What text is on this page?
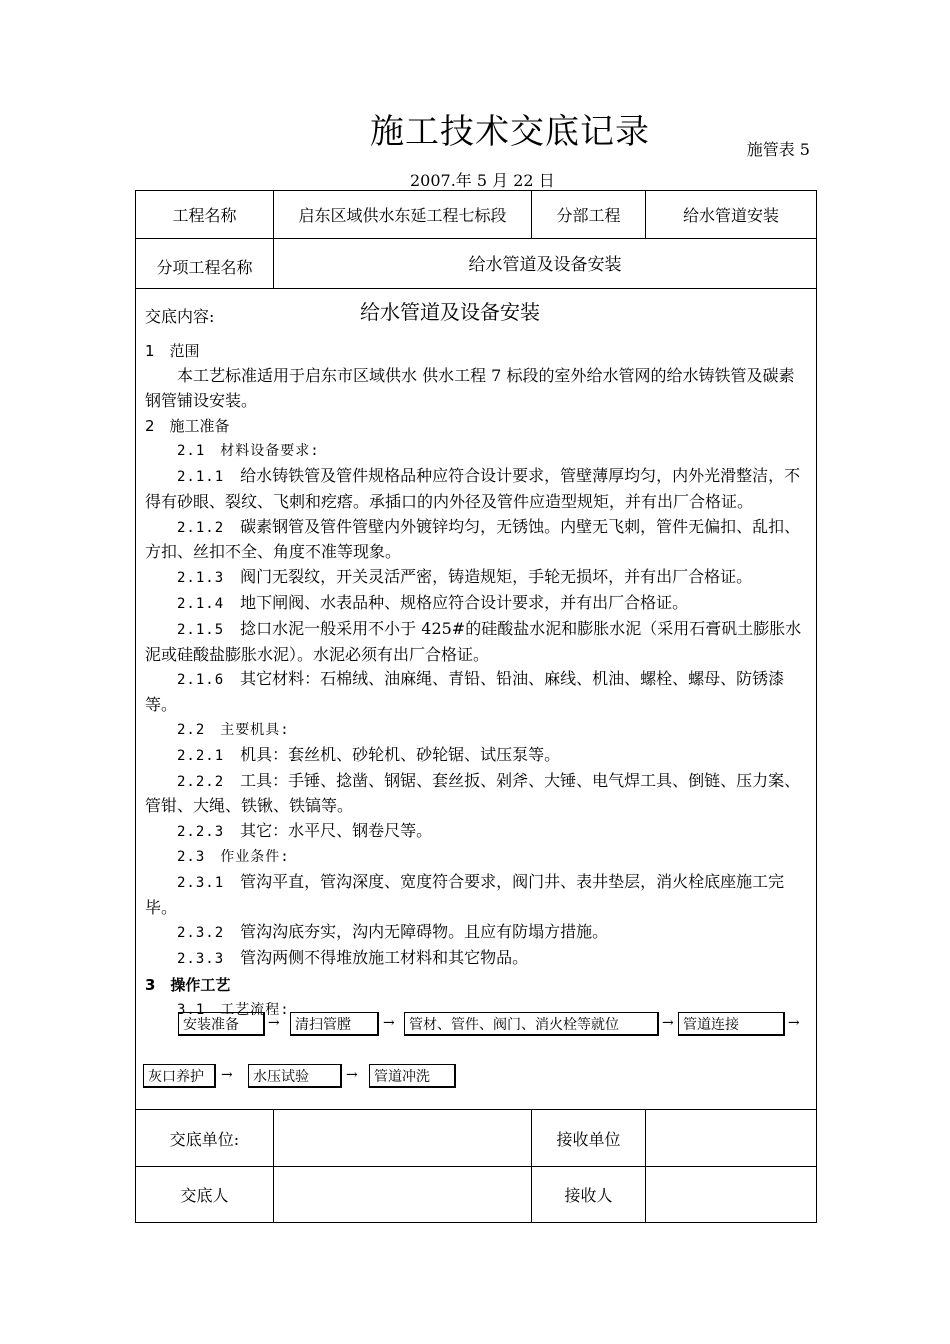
施工技术交底记录	施管表 5
2007.年 5 月 22 日
工程名称	启东区域供水东延工程七标段	分部工程	给水管道安装
分项工程名称	给水管道及设备安装
交底内容:	给水管道及设备安装
1　范围
本工艺标准适用于启东市区域供水 供水工程 7 标段的室外给水管网的给水铸铁管及碳素钢管铺设安装。
2　施工准备
2.1　材料设备要求:
2.1.1　 给水铸铁管及管件规格品种应符合设计要求，管壁薄厚均匀，内外光滑整洁，不得有砂眼、裂纹、飞刺和疙瘩。承插口的内外径及管件应造型规矩，并有出厂合格证。
2.1.2　 碳素钢管及管件管壁内外镀锌均匀，无锈蚀。内壁无飞刺，管件无偏扣、乱扣、方扣、丝扣不全、角度不准等现象。
2.1.3　 阀门无裂纹，开关灵活严密，铸造规矩，手轮无损坏，并有出厂合格证。
2.1.4　 地下闸阀、水表品种、规格应符合设计要求，并有出厂合格证。
2.1.5　 捻口水泥一般采用不小于 425#的硅酸盐水泥和膨胀水泥（采用石膏矾土膨胀水泥或硅酸盐膨胀水泥）。水泥必须有出厂合格证。
2.1.6　 其它材料：石棉绒、油麻绳、青铅、铅油、麻线、机油、螺栓、螺母、防锈漆等。
2.2　主要机具:
2.2.1　 机具：套丝机、砂轮机、砂轮锯、试压泵等。
2.2.2　 工具：手锤、捻凿、钢锯、套丝扳、剁斧、大锤、电气焊工具、倒链、压力案、管钳、大绳、铁锹、铁镐等。
2.2.3　 其它：水平尺、钢卷尺等。
2.3　作业条件:
2.3.1　 管沟平直，管沟深度、宽度符合要求，阀门井、表井垫层，消火栓底座施工完毕。
2.3.2　 管沟沟底夯实，沟内无障碍物。且应有防塌方措施。
2.3.3　 管沟两侧不得堆放施工材料和其它物品。
3　操作工艺
3.1　工艺流程:
安装准备	→	清扫管膛	→	管材、管件、阀门、消火栓等就位	→ 管道连接	→
灰口养护	→	水压试验	→	管道冲洗
交底单位:	接收单位
交底人	接收人
